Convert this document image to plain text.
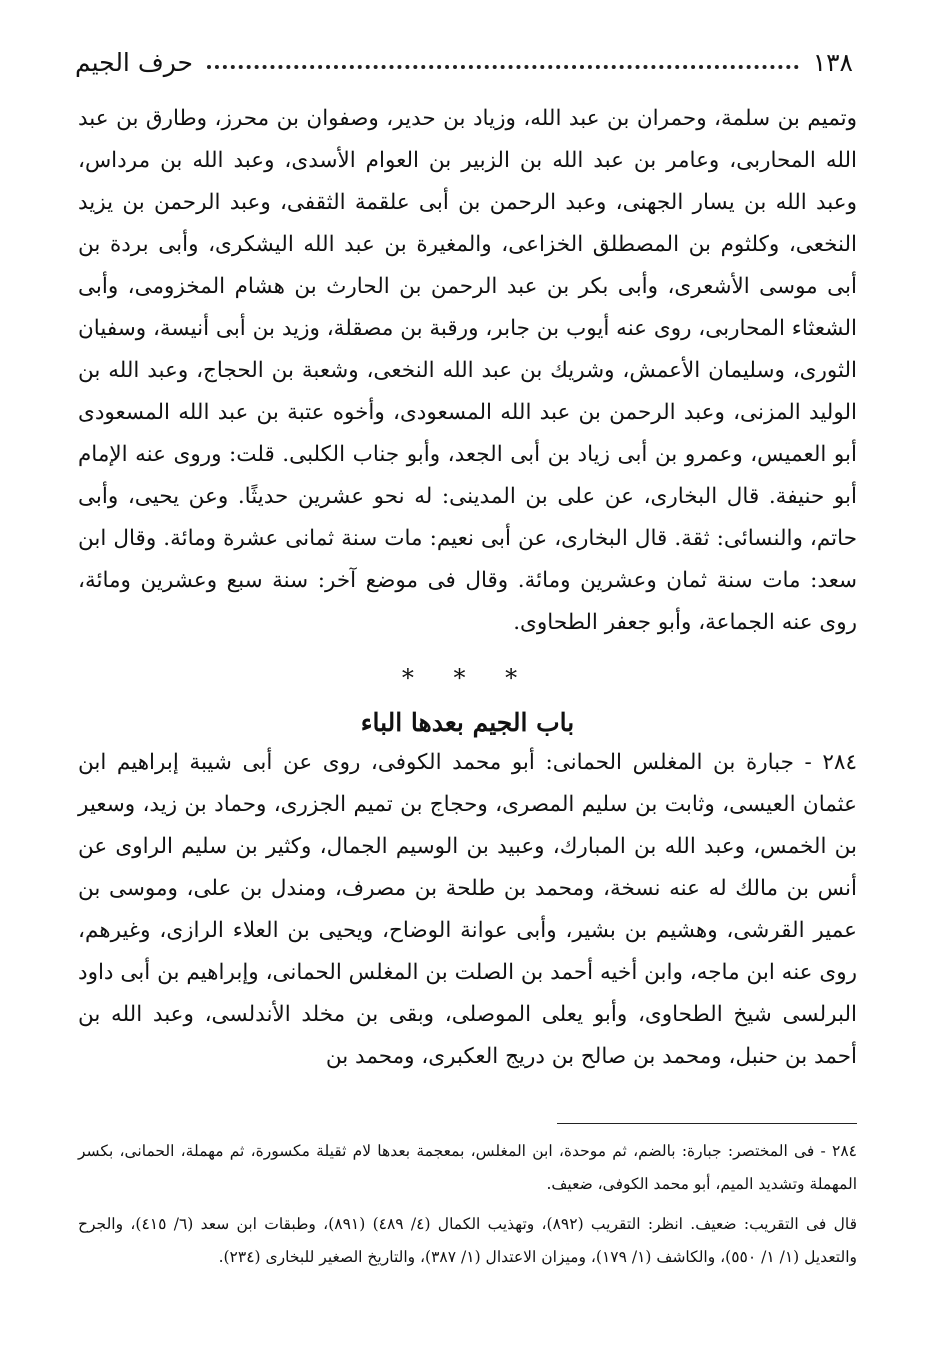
١٣٨
حرف الجيم

وتميم بن سلمة، وحمران بن عبد الله، وزياد بن حدير، وصفوان بن محرز، وطارق بن عبد الله المحاربى، وعامر بن عبد الله بن الزبير بن العوام الأسدى، وعبد الله بن مرداس، وعبد الله بن يسار الجهنى، وعبد الرحمن بن أبى علقمة الثقفى، وعبد الرحمن بن يزيد النخعى، وكلثوم بن المصطلق الخزاعى، والمغيرة بن عبد الله اليشكرى، وأبى بردة بن أبى موسى الأشعرى، وأبى بكر بن عبد الرحمن بن الحارث بن هشام المخزومى، وأبى الشعثاء المحاربى، روى عنه أيوب بن جابر، ورقبة بن مصقلة، وزيد بن أبى أنيسة، وسفيان الثورى، وسليمان الأعمش، وشريك بن عبد الله النخعى، وشعبة بن الحجاج، وعبد الله بن الوليد المزنى، وعبد الرحمن بن عبد الله المسعودى، وأخوه عتبة بن عبد الله المسعودى أبو العميس، وعمرو بن أبى زياد بن أبى الجعد، وأبو جناب الكلبى. قلت: وروى عنه الإمام أبو حنيفة. قال البخارى، عن على بن المدينى: له نحو عشرين حديثًا. وعن يحيى، وأبى حاتم، والنسائى: ثقة. قال البخارى، عن أبى نعيم: مات سنة ثمانى عشرة ومائة. وقال ابن سعد: مات سنة ثمان وعشرين ومائة. وقال فى موضع آخر: سنة سبع وعشرين ومائة، روى عنه الجماعة، وأبو جعفر الطحاوى.

* * *
باب الجيم بعدها الباء

٢٨٤ - جبارة بن المغلس الحمانى: أبو محمد الكوفى، روى عن أبى شيبة إبراهيم ابن عثمان العيسى، وثابت بن سليم المصرى، وحجاج بن تميم الجزرى، وحماد بن زيد، وسعير بن الخمس، وعبد الله بن المبارك، وعبيد بن الوسيم الجمال، وكثير بن سليم الراوى عن أنس بن مالك له عنه نسخة، ومحمد بن طلحة بن مصرف، ومندل بن على، وموسى بن عمير القرشى، وهشيم بن بشير، وأبى عوانة الوضاح، ويحيى بن العلاء الرازى، وغيرهم، روى عنه ابن ماجه، وابن أخيه أحمد بن الصلت بن المغلس الحمانى، وإبراهيم بن أبى داود البرلسى شيخ الطحاوى، وأبو يعلى الموصلى، وبقى بن مخلد الأندلسى، وعبد الله بن أحمد بن حنبل، ومحمد بن صالح بن دريج العكبرى، ومحمد بن

٢٨٤ - فى المختصر: جبارة: بالضم، ثم موحدة، ابن المغلس، بمعجمة بعدها لام ثقيلة مكسورة، ثم مهملة، الحمانى، بكسر المهملة وتشديد الميم، أبو محمد الكوفى، ضعيف.

قال فى التقريب: ضعيف. انظر: التقريب (٨٩٢)، وتهذيب الكمال (٤/ ٤٨٩) (٨٩١)، وطبقات ابن سعد (٦/ ٤١٥)، والجرح والتعديل (١/ ١/ ٥٥٠)، والكاشف (١/ ١٧٩)، وميزان الاعتدال (١/ ٣٨٧)، والتاريخ الصغير للبخارى (٢٣٤).
